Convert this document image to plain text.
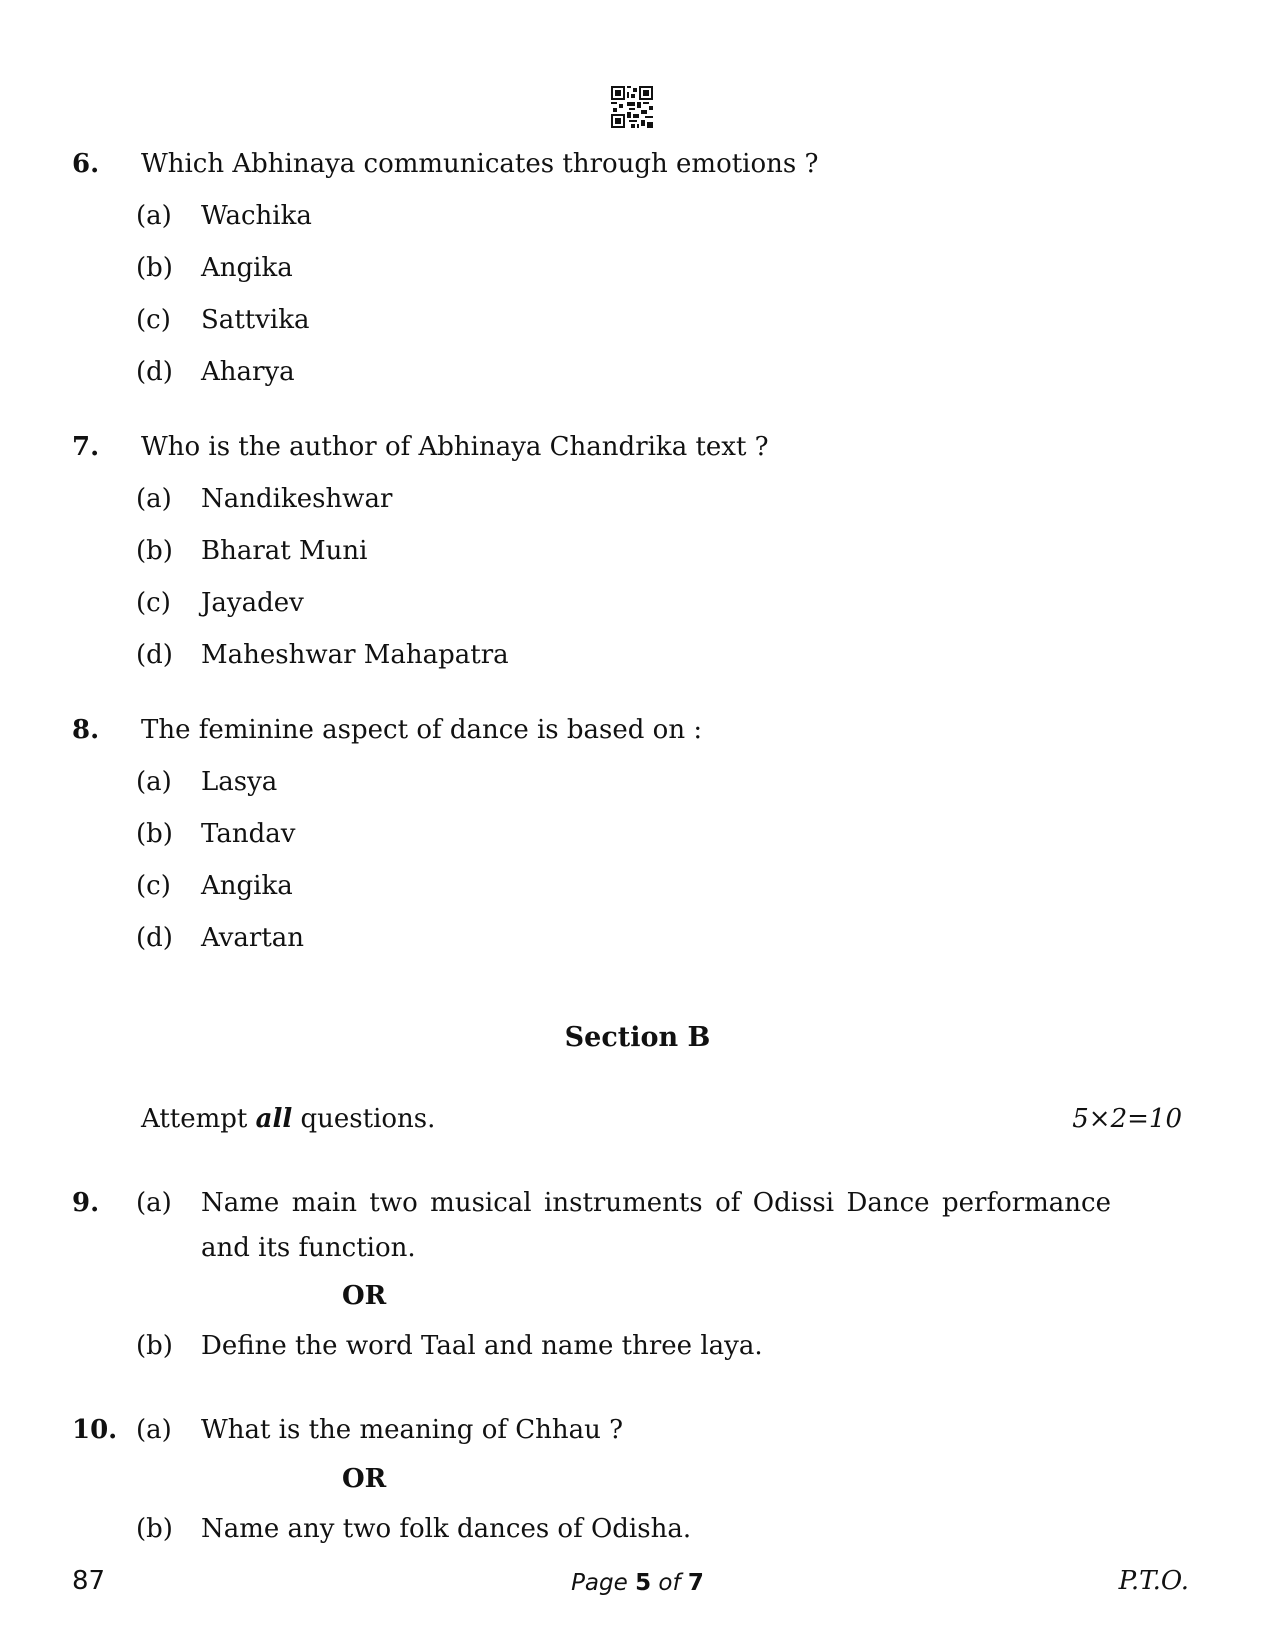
6. Which Abhinaya communicates through emotions ?
(a) Wachika
(b) Angika
(c) Sattvika
(d) Aharya
7. Who is the author of Abhinaya Chandrika text ?
(a) Nandikeshwar
(b) Bharat Muni
(c) Jayadev
(d) Maheshwar Mahapatra
8. The feminine aspect of dance is based on :
(a) Lasya
(b) Tandav
(c) Angika
(d) Avartan
Section B
Attempt all questions.	5×2=10
9. (a) Name main two musical instruments of Odissi Dance performance and its function.
OR
(b) Define the word Taal and name three laya.
10. (a) What is the meaning of Chhau ?
OR
(b) Name any two folk dances of Odisha.
87	Page 5 of 7	P.T.O.
